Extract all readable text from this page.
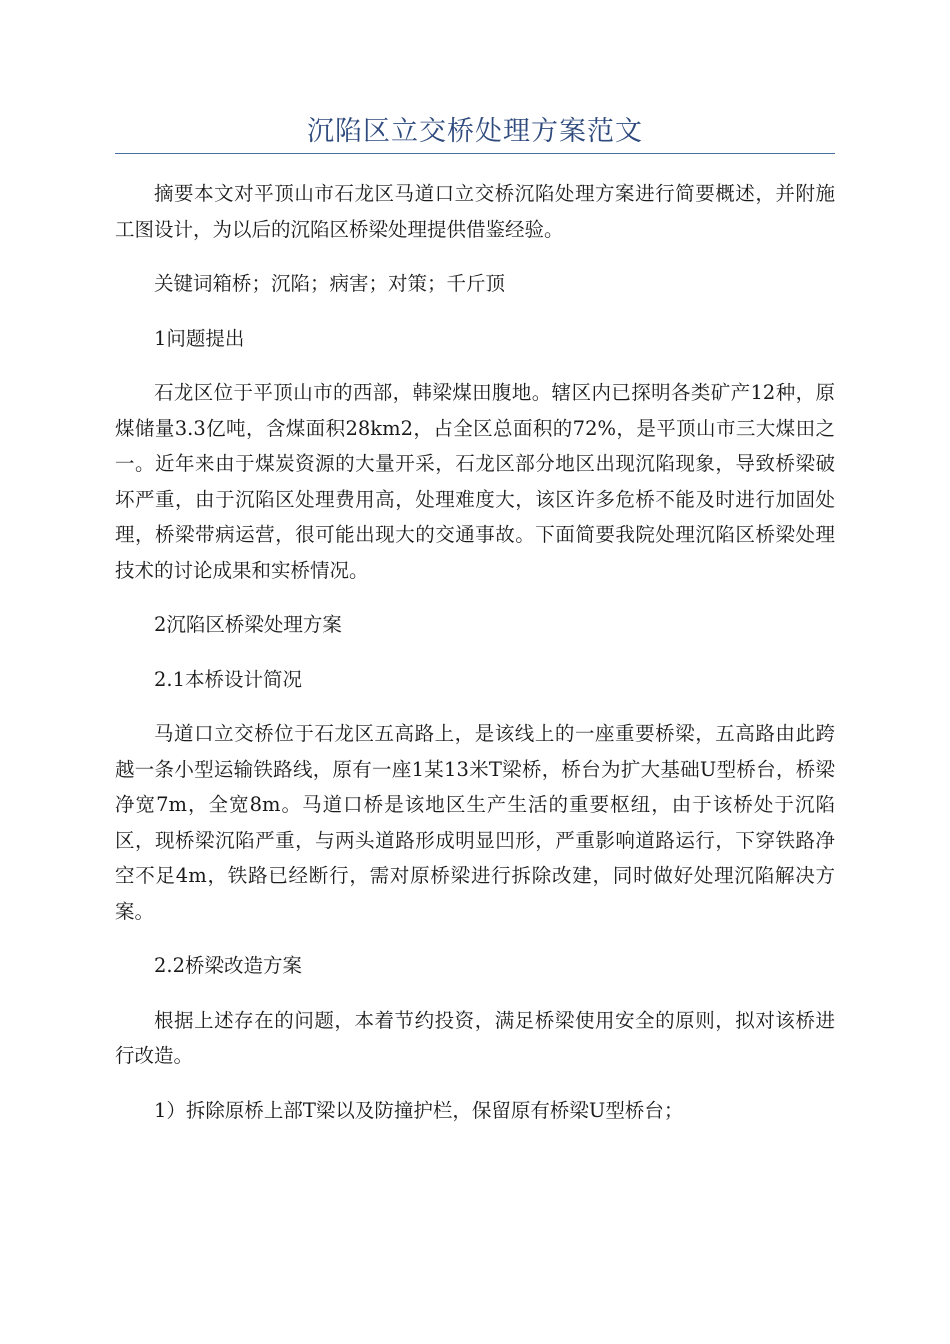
沉陷区立交桥处理方案范文

摘要本文对平顶山市石龙区马道口立交桥沉陷处理方案进行简要概述，并附施工图设计，为以后的沉陷区桥梁处理提供借鉴经验。

关键词箱桥；沉陷；病害；对策；千斤顶

1问题提出

石龙区位于平顶山市的西部，韩梁煤田腹地。辖区内已探明各类矿产12种，原煤储量3.3亿吨，含煤面积28km2，占全区总面积的72%，是平顶山市三大煤田之一。近年来由于煤炭资源的大量开采，石龙区部分地区出现沉陷现象，导致桥梁破坏严重，由于沉陷区处理费用高，处理难度大，该区许多危桥不能及时进行加固处理，桥梁带病运营，很可能出现大的交通事故。下面简要我院处理沉陷区桥梁处理技术的讨论成果和实桥情况。

2沉陷区桥梁处理方案

2.1本桥设计简况

马道口立交桥位于石龙区五高路上，是该线上的一座重要桥梁，五高路由此跨越一条小型运输铁路线，原有一座1某13米T梁桥，桥台为扩大基础U型桥台，桥梁净宽7m，全宽8m。马道口桥是该地区生产生活的重要枢纽，由于该桥处于沉陷区，现桥梁沉陷严重，与两头道路形成明显凹形，严重影响道路运行，下穿铁路净空不足4m，铁路已经断行，需对原桥梁进行拆除改建，同时做好处理沉陷解决方案。

2.2桥梁改造方案

根据上述存在的问题，本着节约投资，满足桥梁使用安全的原则，拟对该桥进行改造。

1）拆除原桥上部T梁以及防撞护栏，保留原有桥梁U型桥台；
